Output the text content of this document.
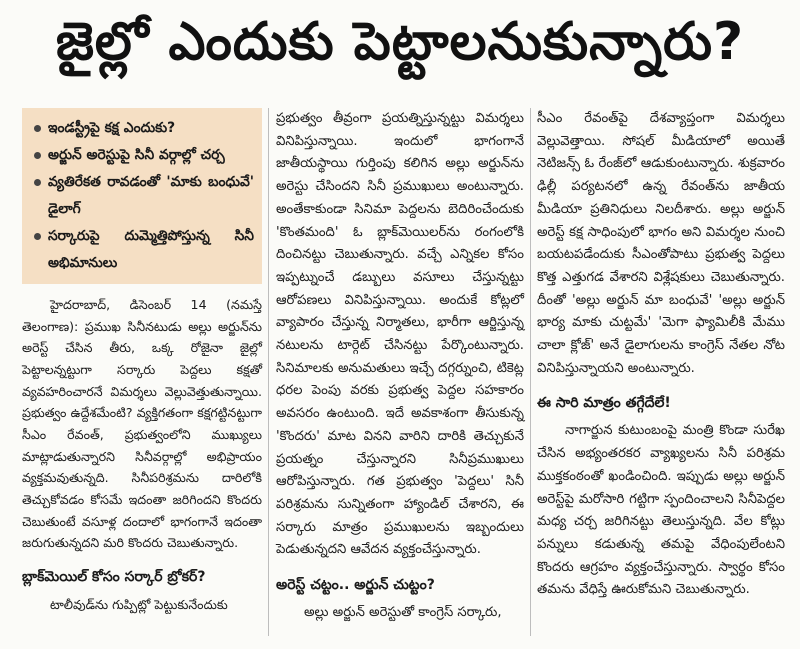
జైల్లో ఎందుకు పెట్టాలనుకున్నారు?
ఇండస్ట్రీపై కక్ష ఎందుకు?
అర్జున్ అరెస్టుపై సినీ వర్గాల్లో చర్చ
వ్యతిరేకత రావడంతో 'మాకు బంధువే' డైలాగ్
సర్కారుపై దుమ్మెత్తిపోస్తున్న సినీ అభిమానులు

హైదరాబాద్, డిసెంబర్ 14 (నమస్తే తెలంగాణ): ప్రముఖ సినీనటుడు అల్లు అర్జున్‌ను అరెస్ట్ చేసిన తీరు, ఒక్క రోజైనా జైల్లో పెట్టాలన్నట్టుగా సర్కారు పెద్దలు కక్షతో వ్యవహరించారనే విమర్శలు వెల్లువెత్తుతున్నాయి. ప్రభుత్వం ఉద్దేశమేంటి? వ్యక్తిగతంగా కక్షగట్టినట్టుగా సీఎం రేవంత్, ప్రభుత్వంలోని ముఖ్యులు మాట్లాడుతున్నారని సినీవర్గాల్లో అభిప్రాయం వ్యక్తమవుతున్నది. సినీపరిశ్రమను దారిలోకి తెచ్చుకోవడం కోసమే ఇదంతా జరిగిందని కొందరు చెబుతుంటే వసూళ్ల దందాలో భాగంగానే ఇదంతా జరుగుతున్నదని మరి కొందరు చెబుతున్నారు.

బ్లాక్‌మెయిల్ కోసం సర్కార్ బ్రోకర్?

టాలీవుడ్‌ను గుప్పిట్లో పెట్టుకునేందుకు

ప్రభుత్వం తీవ్రంగా ప్రయత్నిస్తున్నట్టు విమర్శలు వినిపిస్తున్నాయి. ఇందులో భాగంగానే జాతీయస్థాయి గుర్తింపు కలిగిన అల్లు అర్జున్‌ను అరెస్టు చేసిందని సినీ ప్రముఖులు అంటున్నారు. అంతేకాకుండా సినిమా పెద్దలను బెదిరించేందుకు 'కొంతమంది' ఓ బ్లాక్‌మెయిలర్‌ను రంగంలోకి దించినట్టు చెబుతున్నారు. వచ్చే ఎన్నికల కోసం ఇప్పట్నుంచే డబ్బులు వసూలు చేస్తున్నట్టు ఆరోపణలు వినిపిస్తున్నాయి. అందుకే కోట్లలో వ్యాపారం చేస్తున్న నిర్మాతలు, భారీగా ఆర్జిస్తున్న నటులను టార్గెట్ చేసినట్టు పేర్కొంటున్నారు. సినిమాలకు అనుమతులు ఇచ్చే దగ్గర్నుంచి, టికెట్ల ధరల పెంపు వరకు ప్రభుత్వ పెద్దల సహకారం అవసరం ఉంటుంది. ఇదే అవకాశంగా తీసుకున్న 'కొందరు' మాట వినని వారిని దారికి తెచ్చుకునే ప్రయత్నం చేస్తున్నారని సినీప్రముఖులు ఆరోపిస్తున్నారు. గత ప్రభుత్వం 'పెద్దలు' సినీ పరిశ్రమను సున్నితంగా హ్యాండిల్ చేశారని, ఈ సర్కారు మాత్రం ప్రముఖులను ఇబ్బందులు పెడుతున్నదని ఆవేదన వ్యక్తంచేస్తున్నారు.

అరెస్ట్ చట్టం.. అర్జున్ చుట్టం?

అల్లు అర్జున్ అరెస్టుతో కాంగ్రెస్ సర్కారు,

సీఎం రేవంత్‌పై దేశవ్యాప్తంగా విమర్శలు వెల్లువెత్తాయి. సోషల్ మీడియాలో అయితే నెటిజన్స్ ఓ రేంజ్‌లో ఆడుకుంటున్నారు. శుక్రవారం ఢిల్లీ పర్యటనలో ఉన్న రేవంత్‌ను జాతీయ మీడియా ప్రతినిధులు నిలదీశారు. అల్లు అర్జున్ అరెస్ట్ కక్ష సాధింపులో భాగం అని విమర్శల నుంచి బయటపడేందుకు సీఎంతోపాటు ప్రభుత్వ పెద్దలు కొత్త ఎత్తుగడ వేశారని విశ్లేషకులు చెబుతున్నారు. దీంతో 'అల్లు అర్జున్ మా బంధువే' 'అల్లు అర్జున్ భార్య మాకు చుట్టమే' 'మెగా ఫ్యామిలీకి మేము చాలా క్లోజ్' అనే డైలాగులను కాంగ్రెస్ నేతల నోట వినిపిస్తున్నాయని అంటున్నారు.

ఈ సారి మాత్రం తగ్గేదేలే!

నాగార్జున కుటుంబంపై మంత్రి కొండా సురేఖ చేసిన అభ్యంతరకర వ్యాఖ్యలను సినీ పరిశ్రమ ముక్తకంఠంతో ఖండించింది. ఇప్పుడు అల్లు అర్జున్ అరెస్ట్‌పై మరోసారి గట్టిగా స్పందించాలని సినీపెద్దల మధ్య చర్చ జరిగినట్టు తెలుస్తున్నది. వేల కోట్లు పన్నులు కడుతున్న తమపై వేధింపులేంటని కొందరు ఆగ్రహం వ్యక్తంచేస్తున్నారు. స్వార్థం కోసం తమను వేధిస్తే ఊరుకోమని చెబుతున్నారు.
